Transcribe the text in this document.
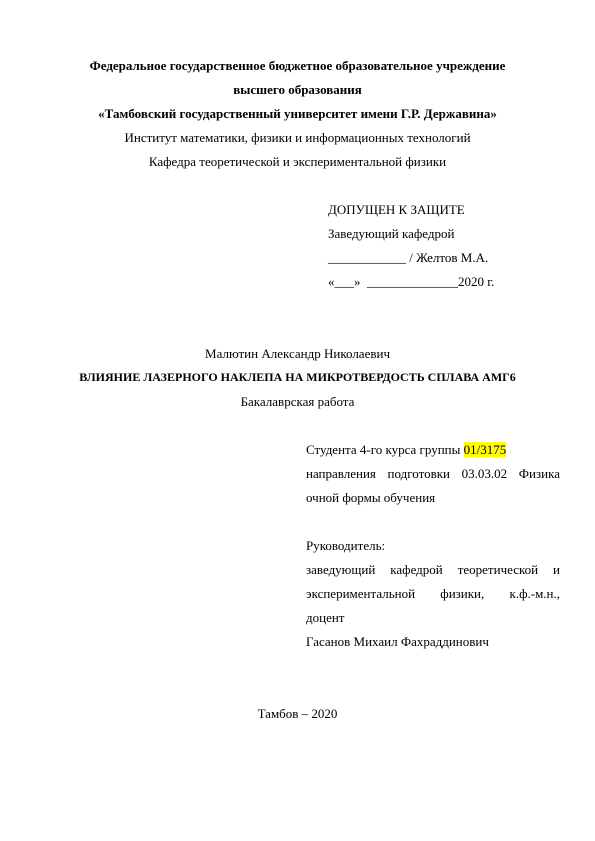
Федеральное государственное бюджетное образовательное учреждение
высшего образования
«Тамбовский государственный университет имени Г.Р. Державина»
Институт математики, физики и информационных технологий
Кафедра теоретической и экспериментальной физики
ДОПУЩЕН К ЗАЩИТЕ
Заведующий кафедрой
____________ / Желтов М.А.
«___»  ______________2020 г.
Малютин Александр Николаевич
ВЛИЯНИЕ ЛАЗЕРНОГО НАКЛЕПА НА МИКРОТВЕРДОСТЬ СПЛАВА АМГ6
Бакалаврская работа
Студента 4-го курса группы 01/3175
направления подготовки 03.03.02 Физика
очной формы обучения
Руководитель:
заведующий кафедрой теоретической и
экспериментальной физики, к.ф.-м.н.,
доцент
Гасанов Михаил Фахраддинович
Тамбов – 2020
